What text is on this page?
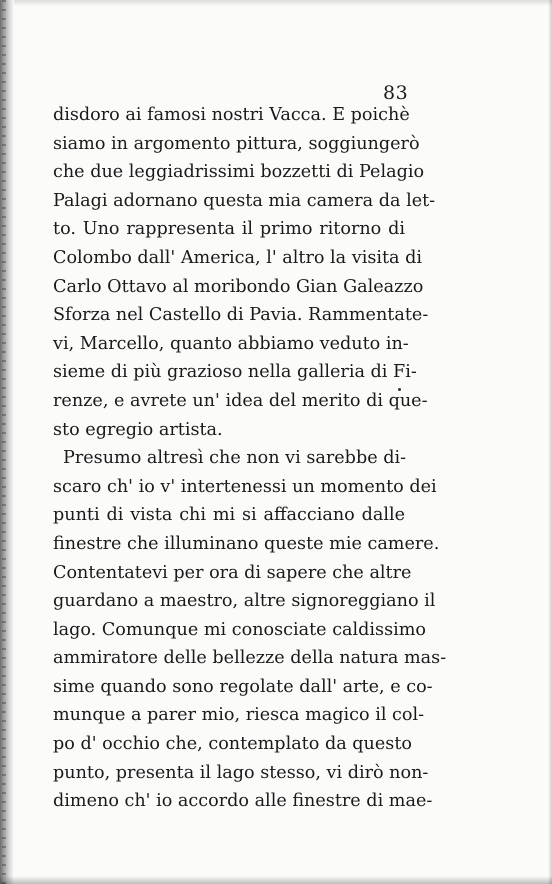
83
disdoro ai famosi nostri Vacca. E poichè
siamo in argomento pittura, soggiungerò
che due leggiadrissimi bozzetti di Pelagio
Palagi adornano questa mia camera da let-
to. Uno rappresenta il primo ritorno di
Colombo dall' America, l' altro la visita di
Carlo Ottavo al moribondo Gian Galeazzo
Sforza nel Castello di Pavia. Rammentate-
vi, Marcello, quanto abbiamo veduto in-
sieme di più grazioso nella galleria di Fi-
renze, e avrete un' idea del merito di que-
sto egregio artista.
Presumo altresì che non vi sarebbe di-
scaro ch' io v' intertenessi un momento dei
punti di vista chi mi si affacciano dalle
finestre che illuminano queste mie camere.
Contentatevi per ora di sapere che altre
guardano a maestro, altre signoreggiano il
lago. Comunque mi conosciate caldissimo
ammiratore delle bellezze della natura mas-
sime quando sono regolate dall' arte, e co-
munque a parer mio, riesca magico il col-
po d' occhio che, contemplato da questo
punto, presenta il lago stesso, vi dirò non-
dimeno ch' io accordo alle finestre di mae-
